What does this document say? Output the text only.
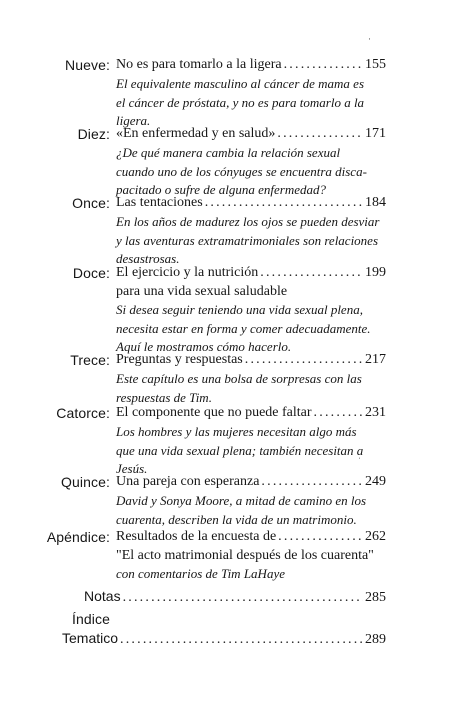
Nueve: No es para tomarlo a la ligera .....	155
El equivalente masculino al cáncer de mama es
el cáncer de próstata, y no es para tomarlo a la
ligera.
Diez: «En enfermedad y en salud» .....	171
¿De qué manera cambia la relación sexual
cuando uno de los cónyuges se encuentra disca-
pacitado o sufre de alguna enfermedad?
Once: Las tentaciones .....	184
En los años de madurez los ojos se pueden desviar
y las aventuras extramatrimoniales son relaciones
desastrosas.
Doce: El ejercicio y la nutrición .....	199
para una vida sexual saludable
Si desea seguir teniendo una vida sexual plena,
necesita estar en forma y comer adecuadamente.
Aquí le mostramos cómo hacerlo.
Trece: Preguntas y respuestas .....	217
Este capítulo es una bolsa de sorpresas con las
respuestas de Tim.
Catorce: El componente que no puede faltar .....	231
Los hombres y las mujeres necesitan algo más
que una vida sexual plena; también necesitan a
Jesús.
Quince: Una pareja con esperanza .....	249
David y Sonya Moore, a mitad de camino en los
cuarenta, describen la vida de un matrimonio.
Apéndice: Resultados de la encuesta de .....	262
"El acto matrimonial después de los cuarenta"
con comentarios de Tim LaHaye
Notas .....	285
Índice
Tematico .....	289
·
ˈ
